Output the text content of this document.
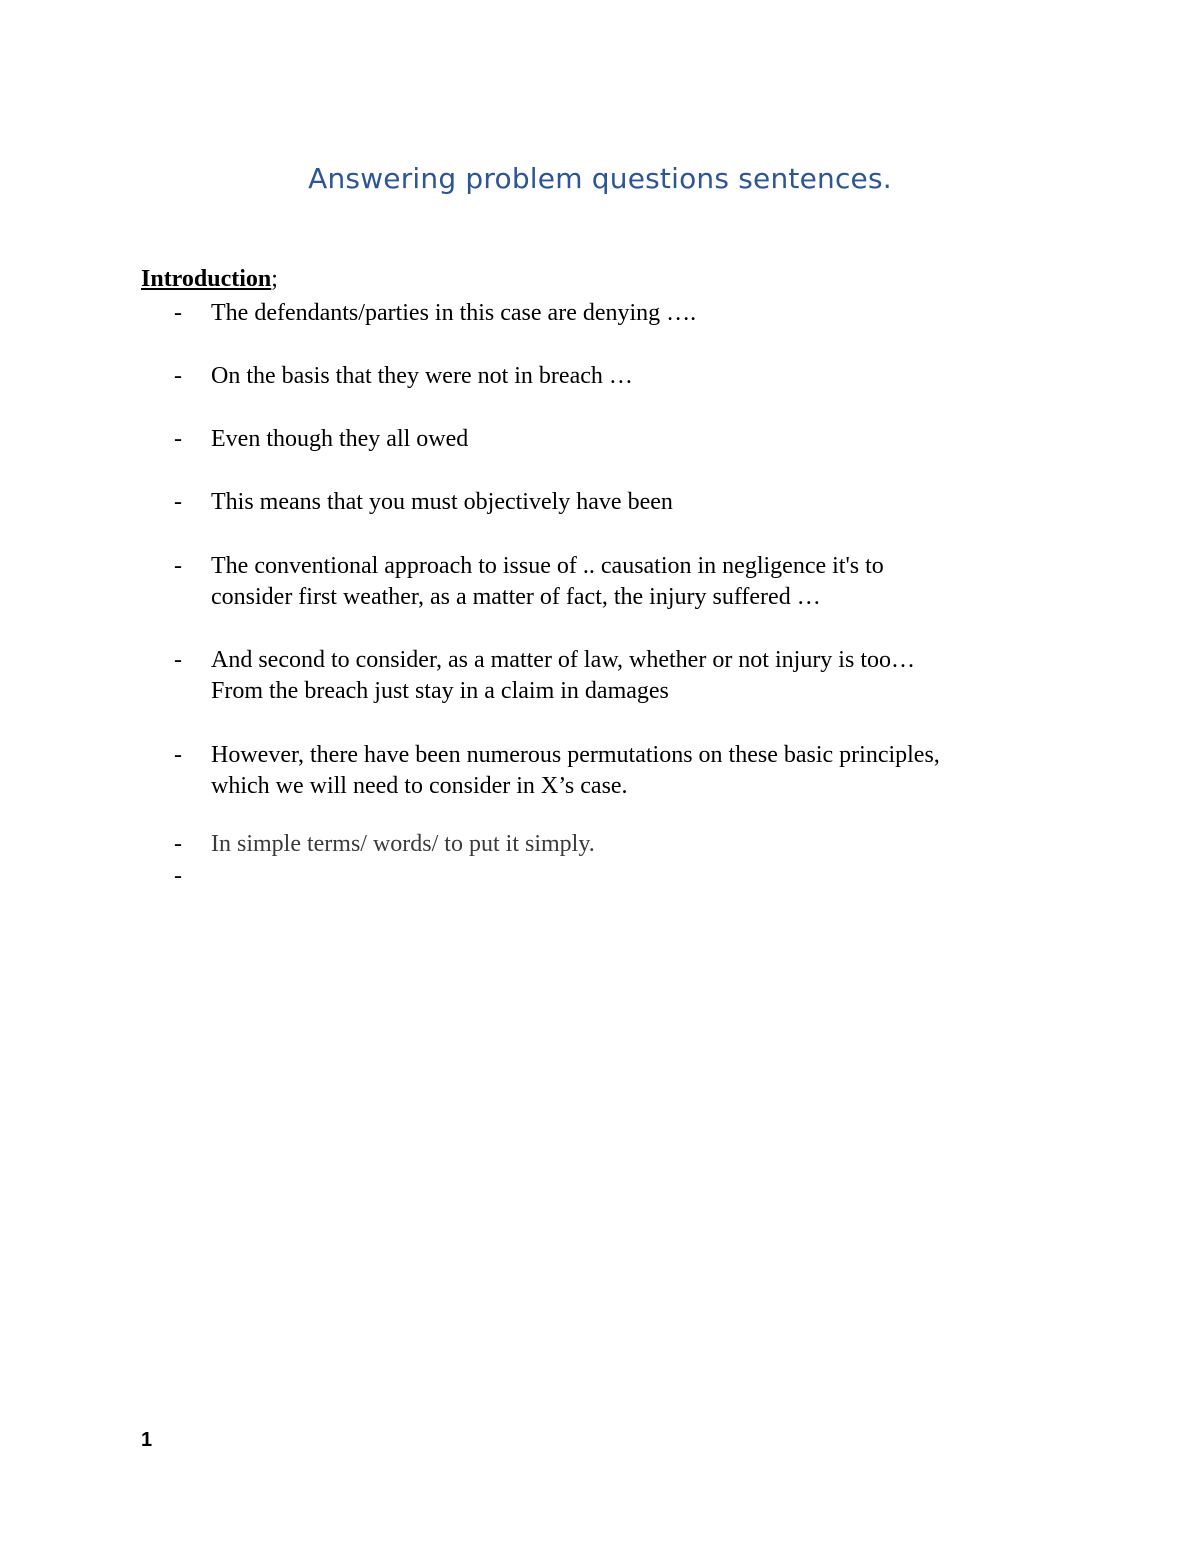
Answering problem questions sentences.
Introduction;
- The defendants/parties in this case are denying ….
- On the basis that they were not in breach …
- Even though they all owed
- This means that you must objectively have been
- The conventional approach to issue of .. causation in negligence it's to
consider first weather, as a matter of fact, the injury suffered …
- And second to consider, as a matter of law, whether or not injury is too…
From the breach just stay in a claim in damages
- However, there have been numerous permutations on these basic principles,
which we will need to consider in X’s case.
- In simple terms/ words/ to put it simply.
-
1
